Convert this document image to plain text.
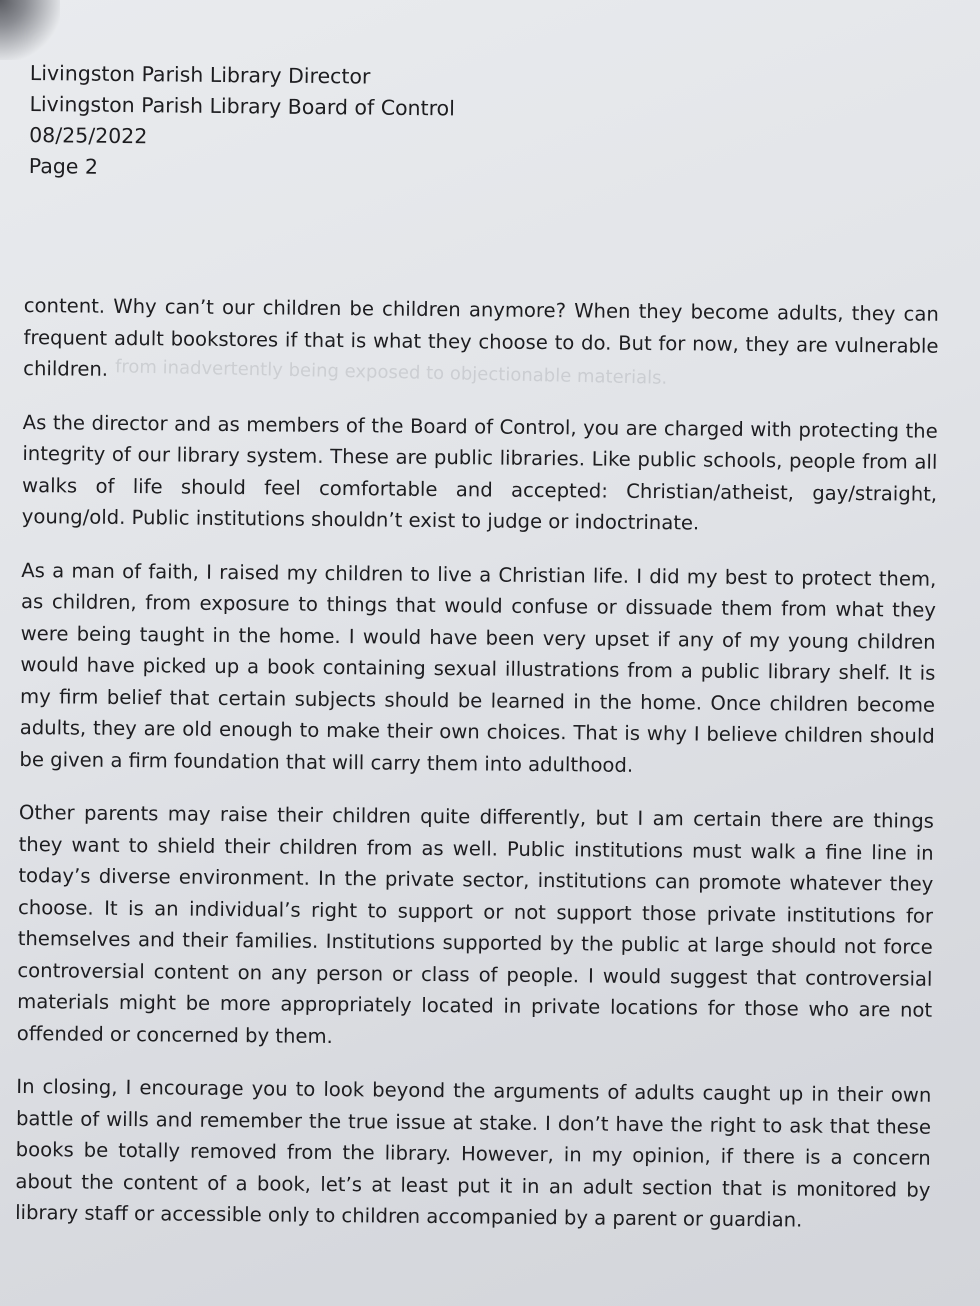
Livingston Parish Library Director
Livingston Parish Library Board of Control
08/25/2022
Page 2
from inadvertently being exposed to objectionable materials.

content. Why can’t our children be children anymore? When they become adults, they can frequent adult bookstores if that is what they choose to do. But for now, they are vulnerable children.

As the director and as members of the Board of Control, you are charged with protecting the integrity of our library system. These are public libraries. Like public schools, people from all walks of life should feel comfortable and accepted: Christian/atheist, gay/straight, young/old. Public institutions shouldn’t exist to judge or indoctrinate.

As a man of faith, I raised my children to live a Christian life. I did my best to protect them, as children, from exposure to things that would confuse or dissuade them from what they were being taught in the home. I would have been very upset if any of my young children would have picked up a book containing sexual illustrations from a public library shelf. It is my firm belief that certain subjects should be learned in the home. Once children become adults, they are old enough to make their own choices. That is why I believe children should be given a firm foundation that will carry them into adulthood.

Other parents may raise their children quite differently, but I am certain there are things they want to shield their children from as well. Public institutions must walk a fine line in today’s diverse environment. In the private sector, institutions can promote whatever they choose. It is an individual’s right to support or not support those private institutions for themselves and their families. Institutions supported by the public at large should not force controversial content on any person or class of people. I would suggest that controversial materials might be more appropriately located in private locations for those who are not offended or concerned by them.

In closing, I encourage you to look beyond the arguments of adults caught up in their own battle of wills and remember the true issue at stake. I don’t have the right to ask that these books be totally removed from the library. However, in my opinion, if there is a concern about the content of a book, let’s at least put it in an adult section that is monitored by library staff or accessible only to children accompanied by a parent or guardian.
